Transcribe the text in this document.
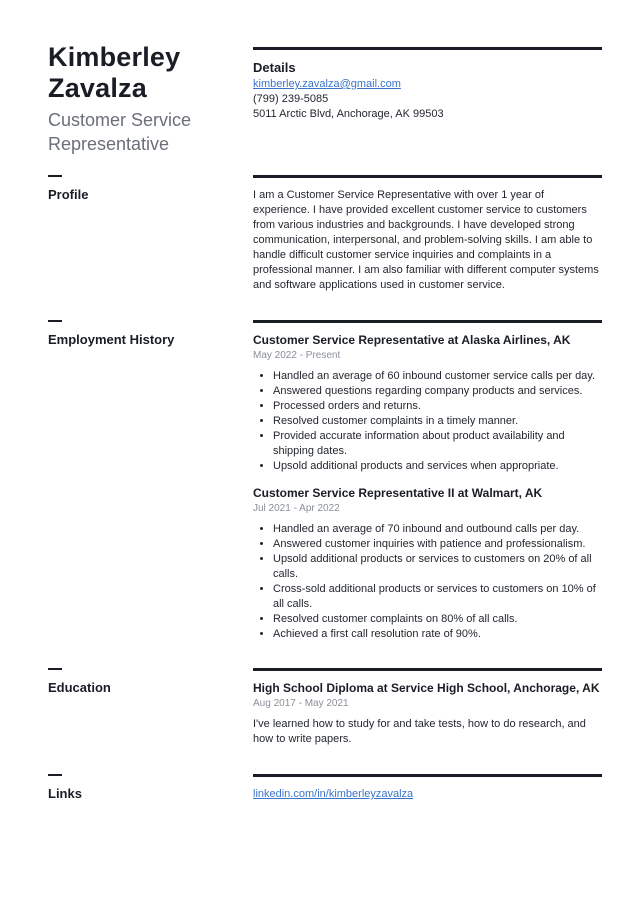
Kimberley
Zavalza
Customer Service
Representative
Details
kimberley.zavalza@gmail.com
(799) 239-5085
5011 Arctic Blvd, Anchorage, AK 99503
Profile	I am a Customer Service Representative with over 1 year of experience. I have provided excellent customer service to customers from various industries and backgrounds. I have developed strong communication, interpersonal, and problem-solving skills. I am able to handle difficult customer service inquiries and complaints in a professional manner. I am also familiar with different computer systems and software applications used in customer service.
Employment History	Customer Service Representative at Alaska Airlines, AK
May 2022 - Present
• Handled an average of 60 inbound customer service calls per day.
• Answered questions regarding company products and services.
• Processed orders and returns.
• Resolved customer complaints in a timely manner.
• Provided accurate information about product availability and shipping dates.
• Upsold additional products and services when appropriate.
Customer Service Representative II at Walmart, AK
Jul 2021 - Apr 2022
• Handled an average of 70 inbound and outbound calls per day.
• Answered customer inquiries with patience and professionalism.
• Upsold additional products or services to customers on 20% of all calls.
• Cross-sold additional products or services to customers on 10% of all calls.
• Resolved customer complaints on 80% of all calls.
• Achieved a first call resolution rate of 90%.
Education	High School Diploma at Service High School, Anchorage, AK
Aug 2017 - May 2021
I've learned how to study for and take tests, how to do research, and how to write papers.
Links	linkedin.com/in/kimberleyzavalza
